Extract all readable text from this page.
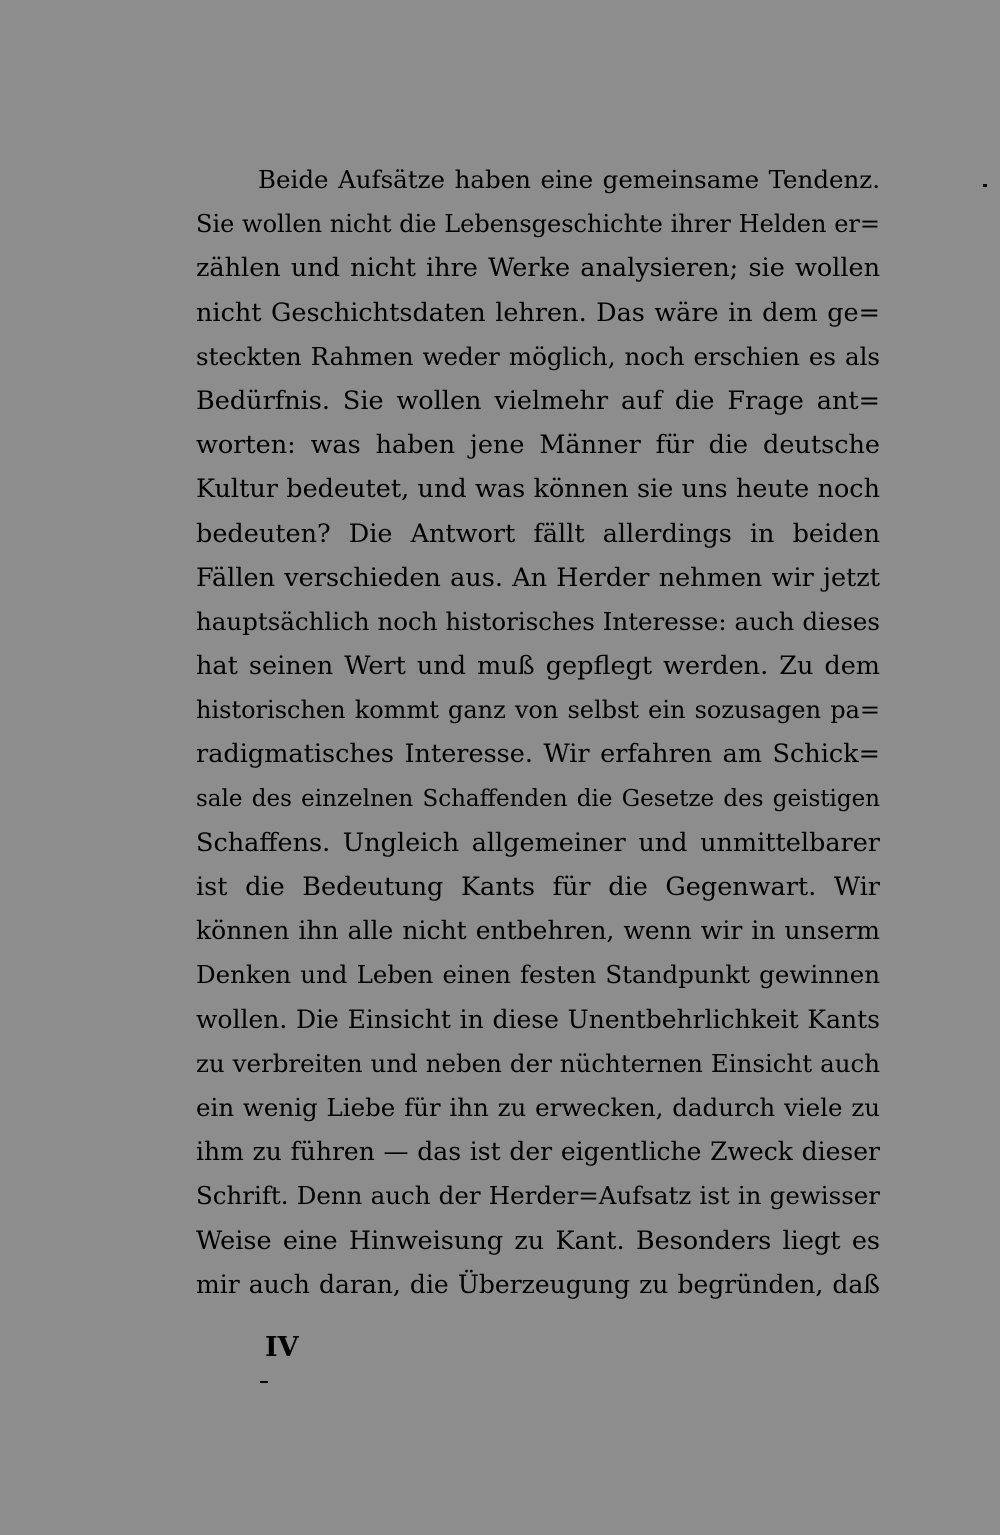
Beide Aufsätze haben eine gemeinsame Tendenz.
Sie wollen nicht die Lebensgeschichte ihrer Helden er=
zählen und nicht ihre Werke analysieren; sie wollen
nicht Geschichtsdaten lehren. Das wäre in dem ge=
steckten Rahmen weder möglich, noch erschien es als
Bedürfnis. Sie wollen vielmehr auf die Frage ant=
worten: was haben jene Männer für die deutsche
Kultur bedeutet, und was können sie uns heute noch
bedeuten? Die Antwort fällt allerdings in beiden
Fällen verschieden aus. An Herder nehmen wir jetzt
hauptsächlich noch historisches Interesse: auch dieses
hat seinen Wert und muß gepflegt werden. Zu dem
historischen kommt ganz von selbst ein sozusagen pa=
radigmatisches Interesse. Wir erfahren am Schick=
sale des einzelnen Schaffenden die Gesetze des geistigen
Schaffens. Ungleich allgemeiner und unmittelbarer
ist die Bedeutung Kants für die Gegenwart. Wir
können ihn alle nicht entbehren, wenn wir in unserm
Denken und Leben einen festen Standpunkt gewinnen
wollen. Die Einsicht in diese Unentbehrlichkeit Kants
zu verbreiten und neben der nüchternen Einsicht auch
ein wenig Liebe für ihn zu erwecken, dadurch viele zu
ihm zu führen — das ist der eigentliche Zweck dieser
Schrift. Denn auch der Herder=Aufsatz ist in gewisser
Weise eine Hinweisung zu Kant. Besonders liegt es
mir auch daran, die Überzeugung zu begründen, daß
IV
